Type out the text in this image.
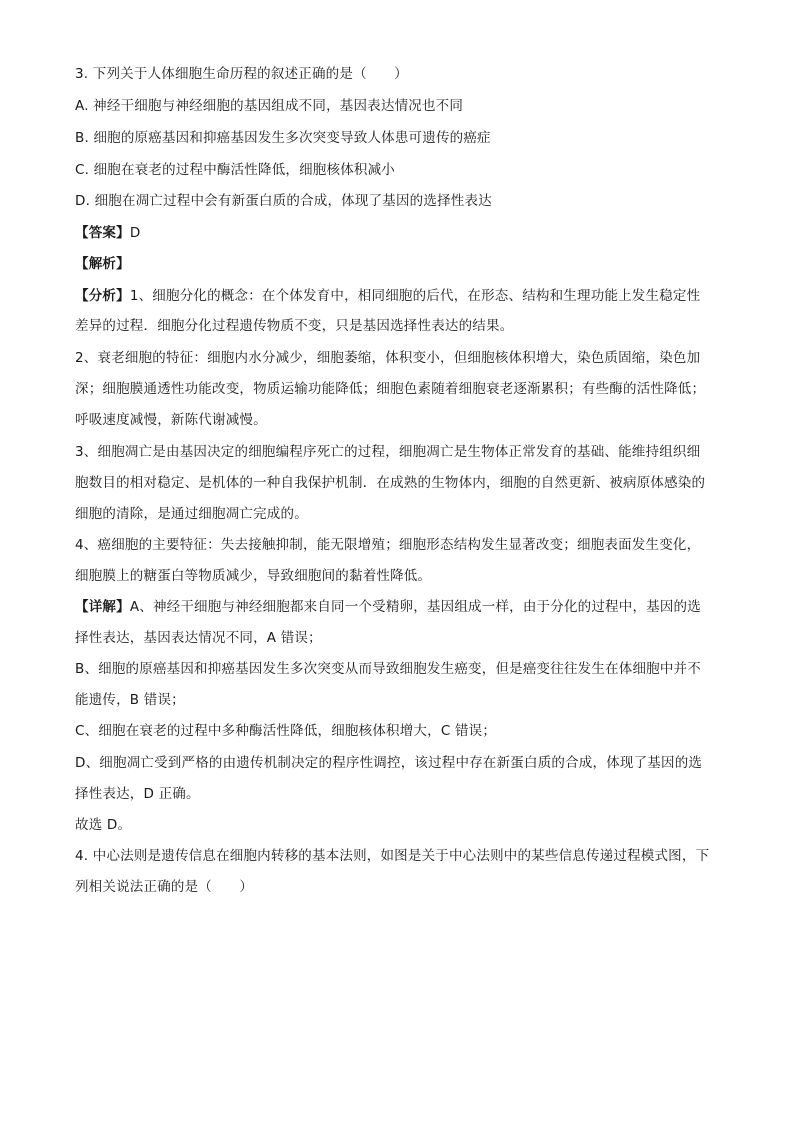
3. 下列关于人体细胞生命历程的叙述正确的是（　　）
A. 神经干细胞与神经细胞的基因组成不同，基因表达情况也不同
B. 细胞的原癌基因和抑癌基因发生多次突变导致人体患可遗传的癌症
C. 细胞在衰老的过程中酶活性降低，细胞核体积减小
D. 细胞在凋亡过程中会有新蛋白质的合成，体现了基因的选择性表达
【答案】D
【解析】
【分析】1、细胞分化的概念：在个体发育中，相同细胞的后代，在形态、结构和生理功能上发生稳定性
差异的过程．细胞分化过程遗传物质不变，只是基因选择性表达的结果。
2、衰老细胞的特征：细胞内水分减少，细胞萎缩，体积变小，但细胞核体积增大，染色质固缩，染色加
深；细胞膜通透性功能改变，物质运输功能降低；细胞色素随着细胞衰老逐渐累积；有些酶的活性降低；
呼吸速度减慢，新陈代谢减慢。
3、细胞凋亡是由基因决定的细胞编程序死亡的过程，细胞凋亡是生物体正常发育的基础、能维持组织细
胞数目的相对稳定、是机体的一种自我保护机制．在成熟的生物体内，细胞的自然更新、被病原体感染的
细胞的清除，是通过细胞凋亡完成的。
4、癌细胞的主要特征：失去接触抑制，能无限增殖；细胞形态结构发生显著改变；细胞表面发生变化，
细胞膜上的糖蛋白等物质减少，导致细胞间的黏着性降低。
【详解】A、神经干细胞与神经细胞都来自同一个受精卵，基因组成一样，由于分化的过程中，基因的选
择性表达，基因表达情况不同，A 错误；
B、细胞的原癌基因和抑癌基因发生多次突变从而导致细胞发生癌变，但是癌变往往发生在体细胞中并不
能遗传，B 错误；
C、细胞在衰老的过程中多种酶活性降低，细胞核体积增大，C 错误；
D、细胞凋亡受到严格的由遗传机制决定的程序性调控，该过程中存在新蛋白质的合成，体现了基因的选
择性表达，D 正确。
故选 D。
4. 中心法则是遗传信息在细胞内转移的基本法则，如图是关于中心法则中的某些信息传递过程模式图，下
列相关说法正确的是（　　）
